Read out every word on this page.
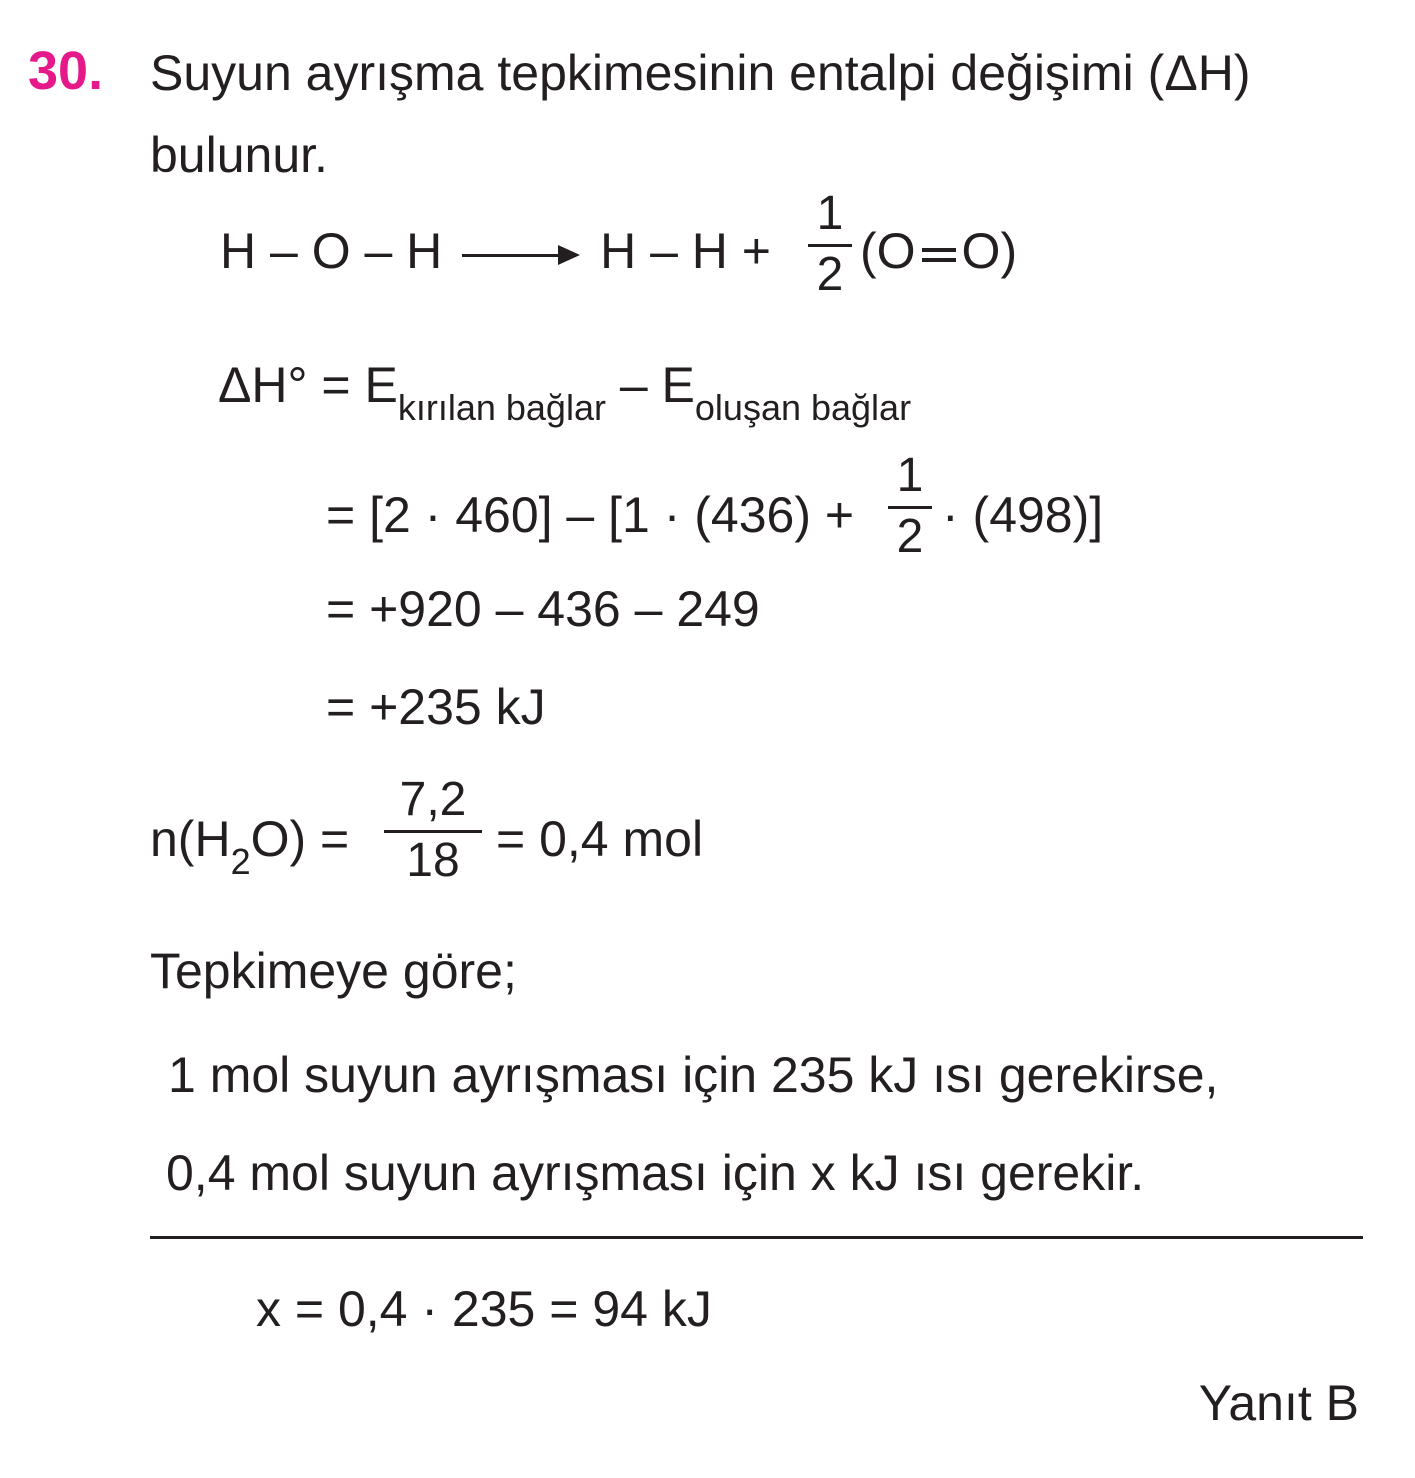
30. Suyun ayrışma tepkimesinin entalpi değişimi (ΔH)
bulunur.
H – O – H	H – H +
1
2 (O O)
$\Delta H^\circ = E_{kırılan bağlar} - E_{oluşan bağlar}$
= [2 · 460] – [1 · (436) +
1
2 · (498)]
= +920 – 436 – 249
= +235 kJ
$n(H_2O)$ =
7,2
18 = 0,4 mol
Tepkimeye göre;
1 mol suyun ayrışması için 235 kJ ısı gerekirse,
0,4 mol suyun ayrışması için x kJ ısı gerekir.
x = 0,4 · 235 = 94 kJ
Yanıt B
